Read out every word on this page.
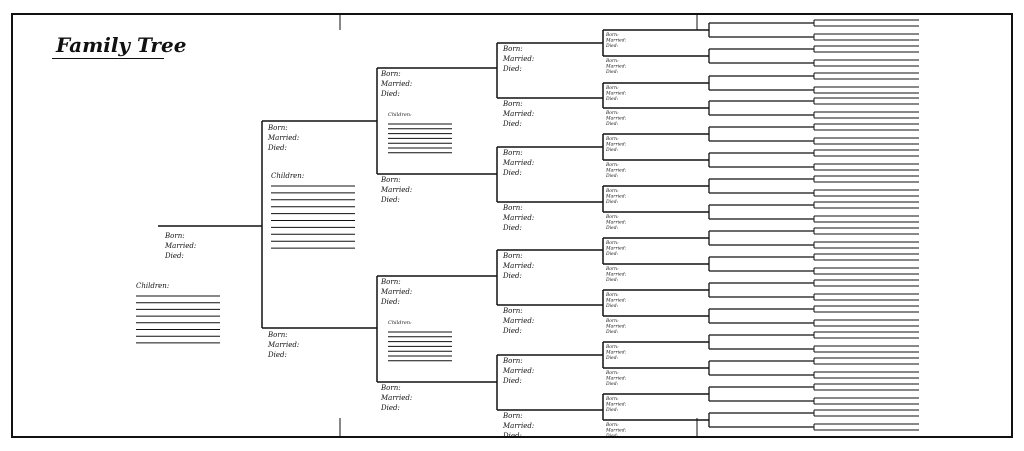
Family Tree
Born:
Married:
Died:
Children:
Born:
Married:
Died:
Born:
Married:
Died:
Children:
Born:
Married:
Died:
Born:
Married:
Died:
Children:
Born:
Married:
Died:
Born:
Married:
Died:
Children:
Born:
Married:
Died:
Born:
Married:
Died:
Born:
Married:
Died:
Born:
Married:
Died:
Born:
Married:
Died:
Born:
Married:
Died:
Born:
Married:
Died:
Born:
Married:
Died:
Born:
Married:
Died:
Born:
Married:
Died:
Born:
Married:
Died:
Born:
Married:
Died:
Born:
Married:
Died:
Born:
Married:
Died:
Born:
Married:
Died:
Born:
Married:
Died:
Born:
Married:
Died:
Born:
Married:
Died:
Born:
Married:
Died:
Born:
Married:
Died:
Born:
Married:
Died:
Born:
Married:
Died:
Born:
Married:
Died:
Born:
Married:
Died:
